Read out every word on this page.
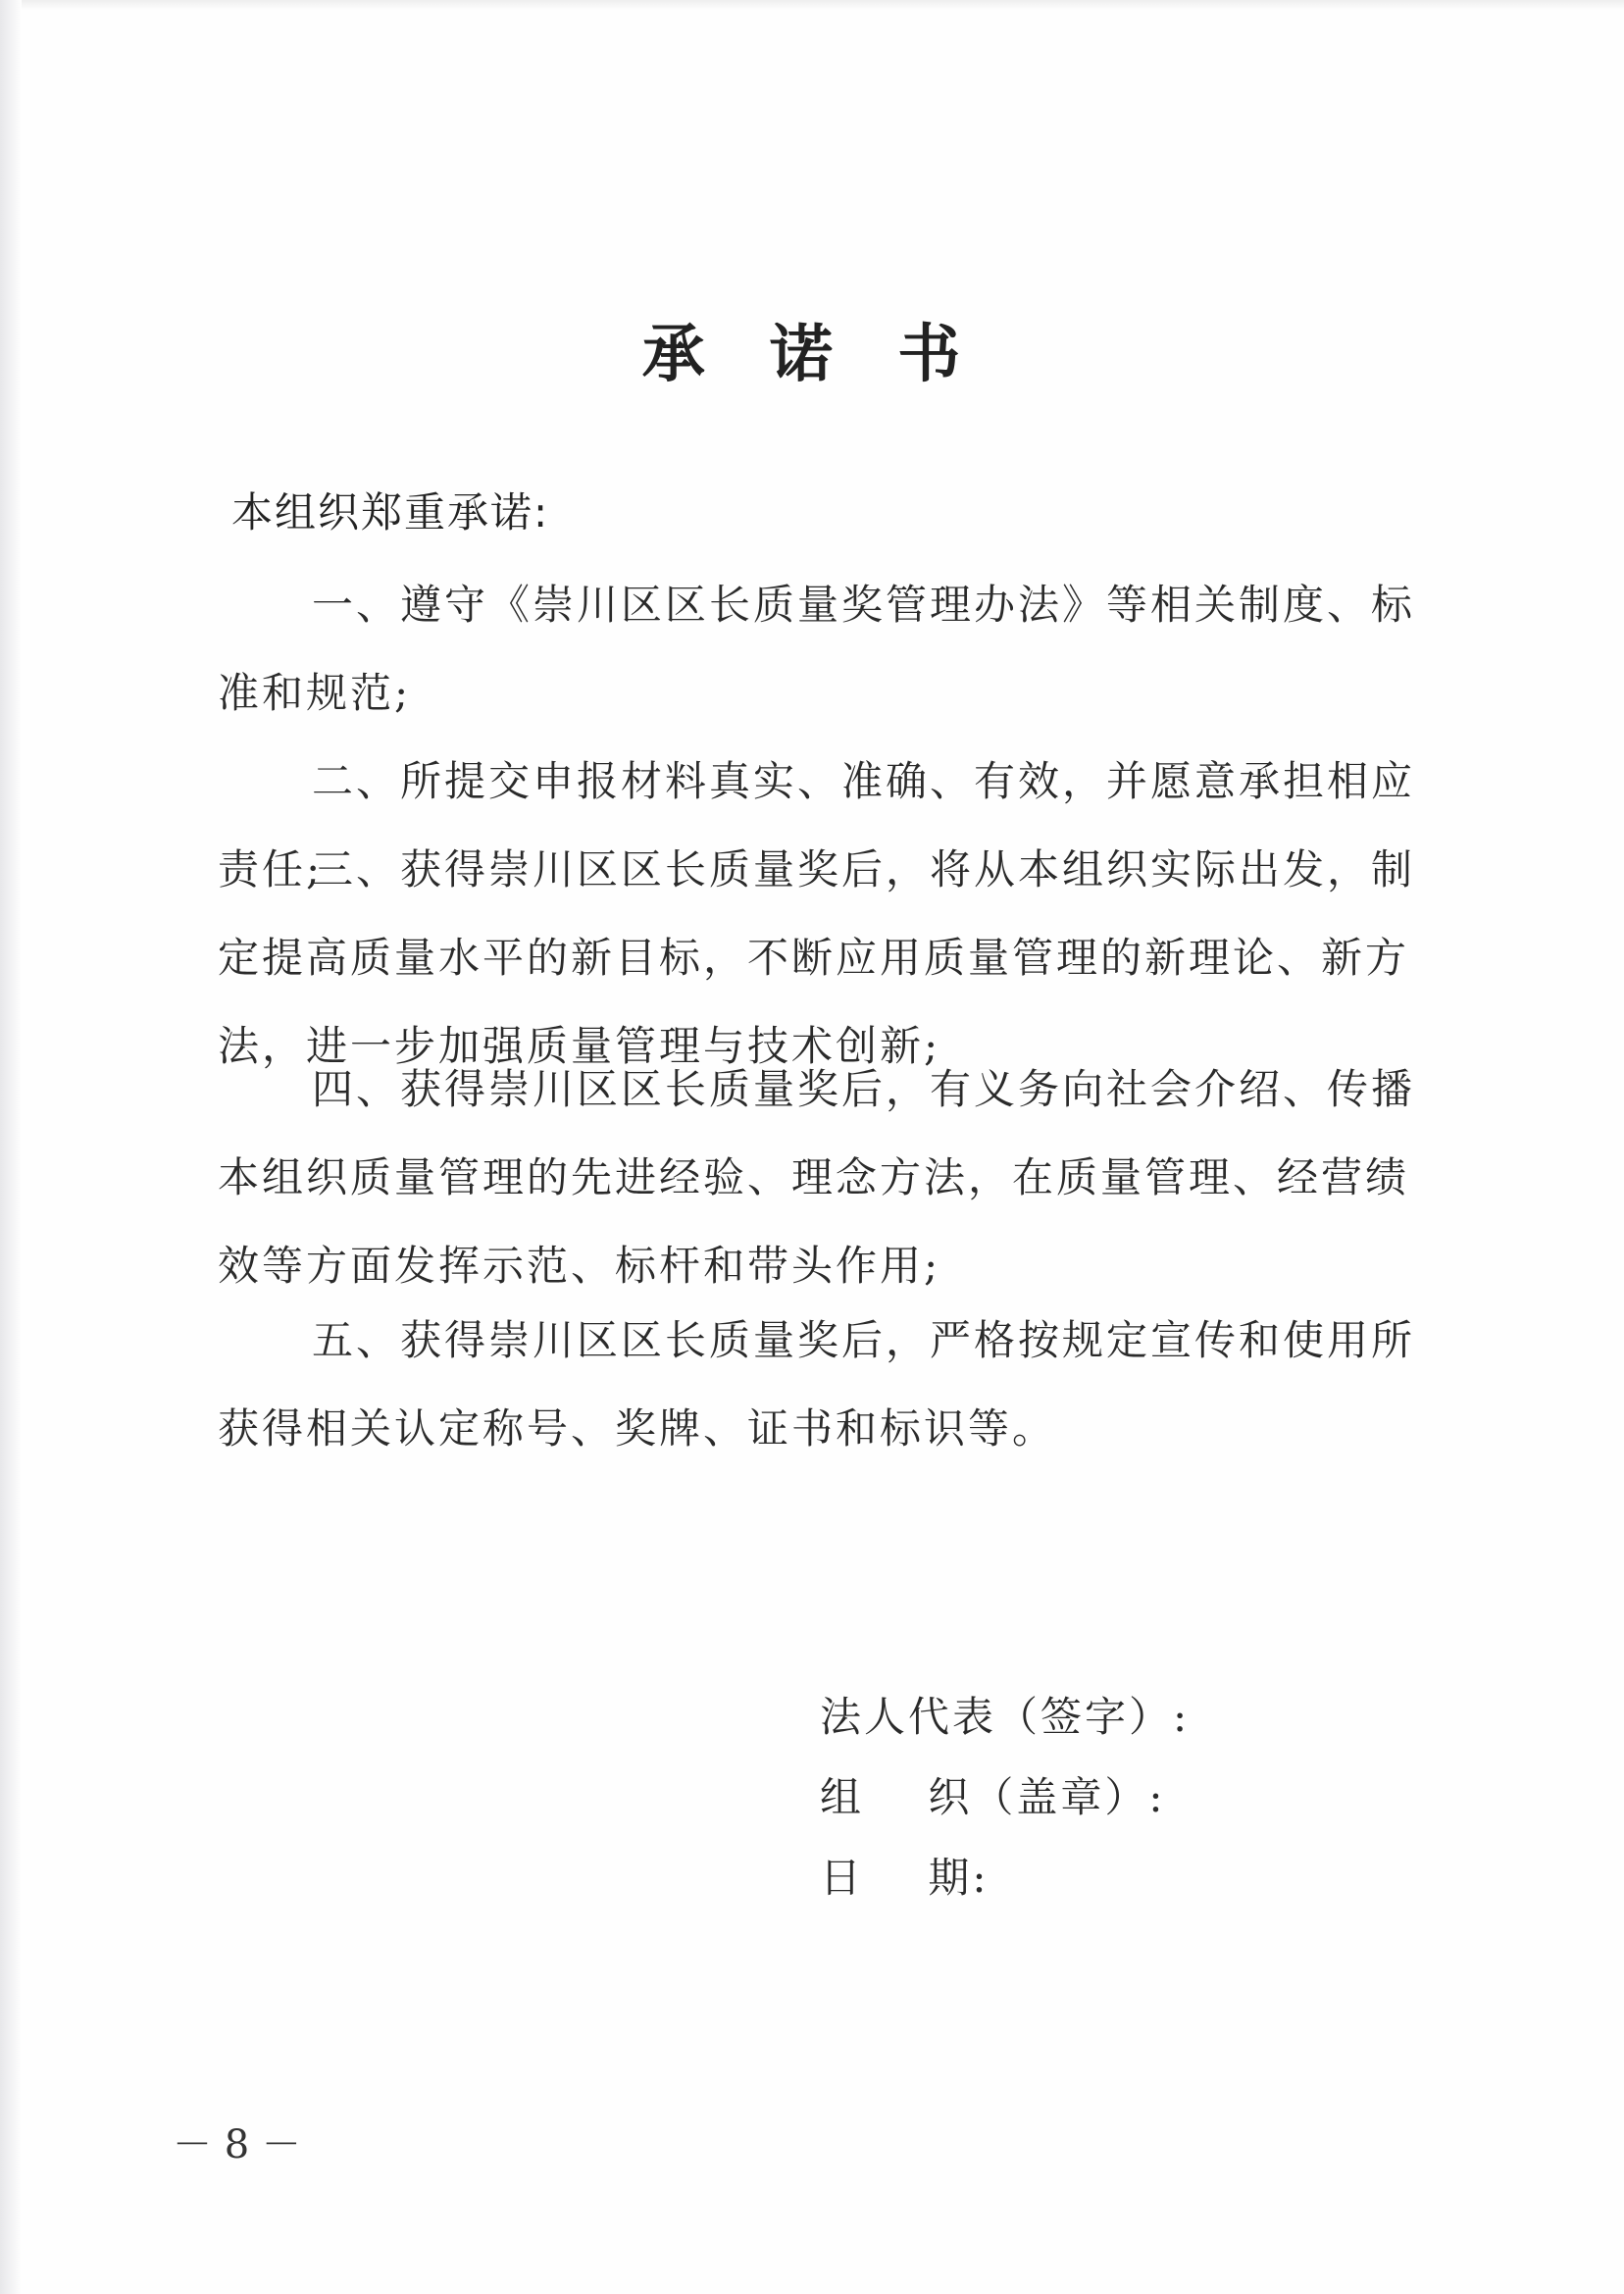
承 诺 书
本组织郑重承诺:
一、遵守《崇川区区长质量奖管理办法》等相关制度、标准和规范;
二、所提交申报材料真实、准确、有效，并愿意承担相应责任;
三、获得崇川区区长质量奖后，将从本组织实际出发，制定提高质量水平的新目标，不断应用质量管理的新理论、新方法，进一步加强质量管理与技术创新;
四、获得崇川区区长质量奖后，有义务向社会介绍、传播本组织质量管理的先进经验、理念方法，在质量管理、经营绩效等方面发挥示范、标杆和带头作用;
五、获得崇川区区长质量奖后，严格按规定宣传和使用所获得相关认定称号、奖牌、证书和标识等。
法人代表（签字）:
组    织（盖章）:
日    期:
－ 8 －
